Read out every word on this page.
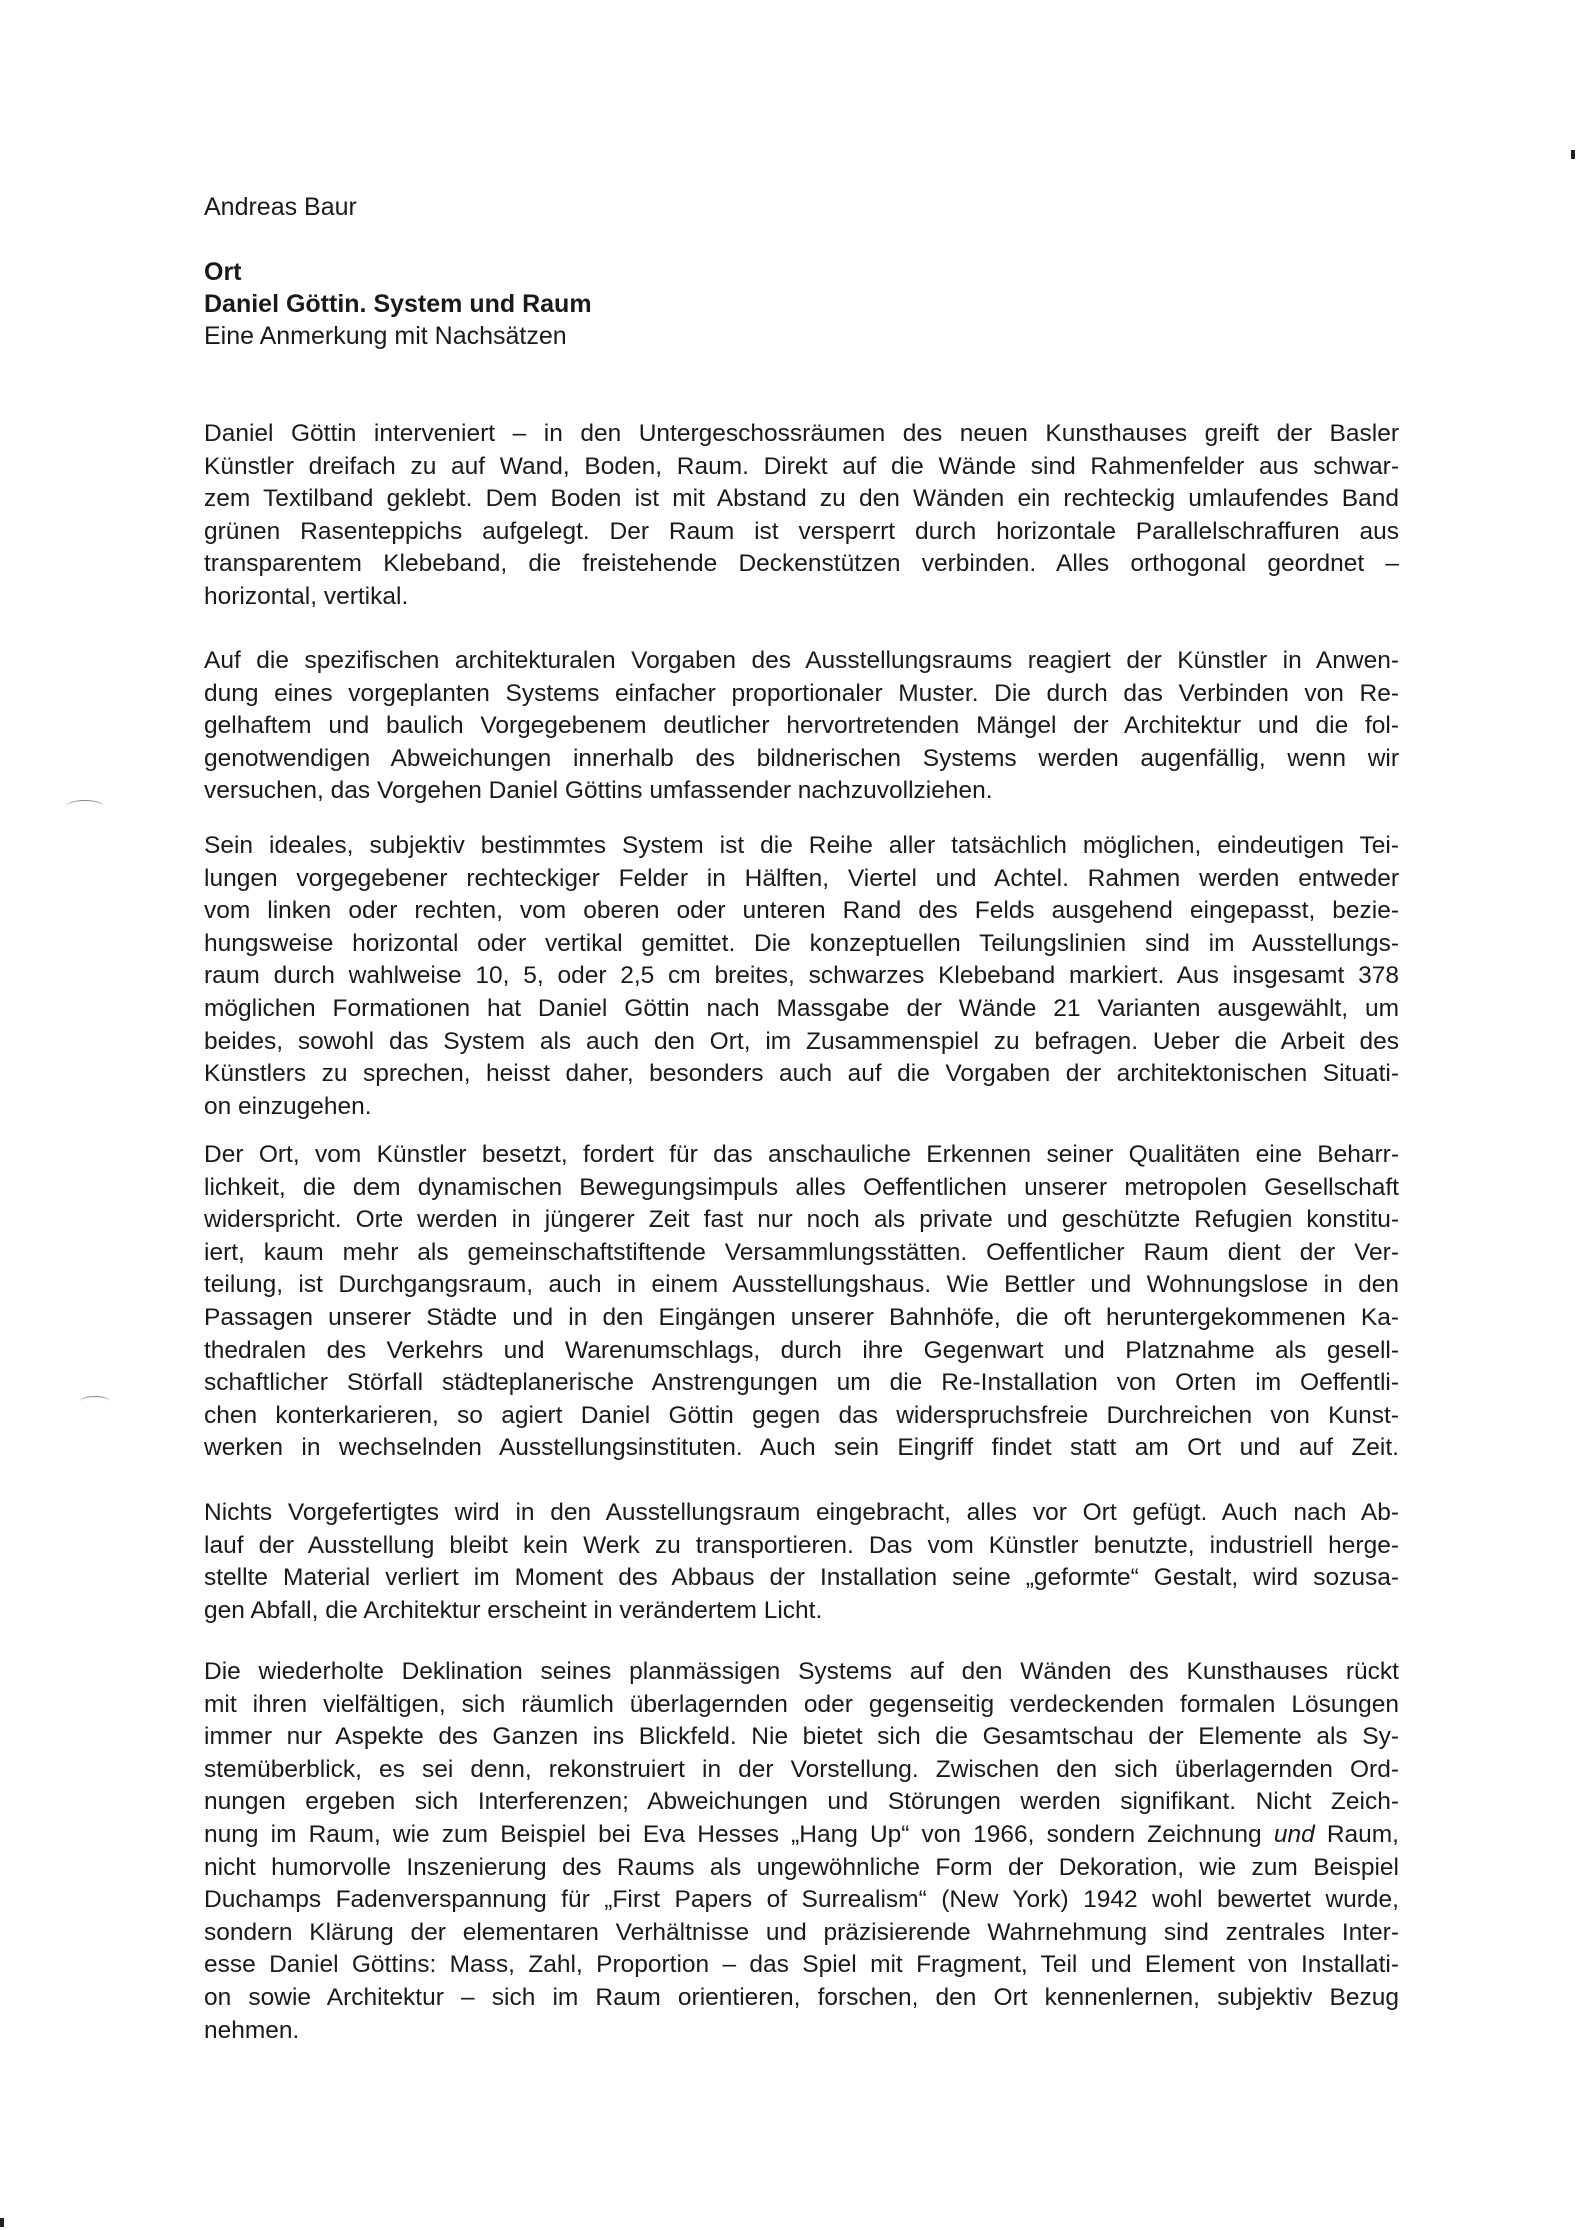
Andreas Baur
Ort
Daniel Göttin. System und Raum
Eine Anmerkung mit Nachsätzen
Daniel Göttin interveniert – in den Untergeschossräumen des neuen Kunsthauses greift der Basler
Künstler dreifach zu auf Wand, Boden, Raum. Direkt auf die Wände sind Rahmenfelder aus schwar-
zem Textilband geklebt. Dem Boden ist mit Abstand zu den Wänden ein rechteckig umlaufendes Band
grünen Rasenteppichs aufgelegt. Der Raum ist versperrt durch horizontale Parallelschraffuren aus
transparentem Klebeband, die freistehende Deckenstützen verbinden. Alles orthogonal geordnet –
horizontal, vertikal.
Auf die spezifischen architekturalen Vorgaben des Ausstellungsraums reagiert der Künstler in Anwen-
dung eines vorgeplanten Systems einfacher proportionaler Muster. Die durch das Verbinden von Re-
gelhaftem und baulich Vorgegebenem deutlicher hervortretenden Mängel der Architektur und die fol-
genotwendigen Abweichungen innerhalb des bildnerischen Systems werden augenfällig, wenn wir
versuchen, das Vorgehen Daniel Göttins umfassender nachzuvollziehen.
Sein ideales, subjektiv bestimmtes System ist die Reihe aller tatsächlich möglichen, eindeutigen Tei-
lungen vorgegebener rechteckiger Felder in Hälften, Viertel und Achtel. Rahmen werden entweder
vom linken oder rechten, vom oberen oder unteren Rand des Felds ausgehend eingepasst, bezie-
hungsweise horizontal oder vertikal gemittet. Die konzeptuellen Teilungslinien sind im Ausstellungs-
raum durch wahlweise 10, 5, oder 2,5 cm breites, schwarzes Klebeband markiert. Aus insgesamt 378
möglichen Formationen hat Daniel Göttin nach Massgabe der Wände 21 Varianten ausgewählt, um
beides, sowohl das System als auch den Ort, im Zusammenspiel zu befragen. Ueber die Arbeit des
Künstlers zu sprechen, heisst daher, besonders auch auf die Vorgaben der architektonischen Situati-
on einzugehen.
Der Ort, vom Künstler besetzt, fordert für das anschauliche Erkennen seiner Qualitäten eine Beharr-
lichkeit, die dem dynamischen Bewegungsimpuls alles Oeffentlichen unserer metropolen Gesellschaft
widerspricht. Orte werden in jüngerer Zeit fast nur noch als private und geschützte Refugien konstitu-
iert, kaum mehr als gemeinschaftstiftende Versammlungsstätten. Oeffentlicher Raum dient der Ver-
teilung, ist Durchgangsraum, auch in einem Ausstellungshaus. Wie Bettler und Wohnungslose in den
Passagen unserer Städte und in den Eingängen unserer Bahnhöfe, die oft heruntergekommenen Ka-
thedralen des Verkehrs und Warenumschlags, durch ihre Gegenwart und Platznahme als gesell-
schaftlicher Störfall städteplanerische Anstrengungen um die Re-Installation von Orten im Oeffentli-
chen konterkarieren, so agiert Daniel Göttin gegen das widerspruchsfreie Durchreichen von Kunst-
werken in wechselnden Ausstellungsinstituten. Auch sein Eingriff findet statt am Ort und auf Zeit.
Nichts Vorgefertigtes wird in den Ausstellungsraum eingebracht, alles vor Ort gefügt. Auch nach Ab-
lauf der Ausstellung bleibt kein Werk zu transportieren. Das vom Künstler benutzte, industriell herge-
stellte Material verliert im Moment des Abbaus der Installation seine „geformte“ Gestalt, wird sozusa-
gen Abfall, die Architektur erscheint in verändertem Licht.
Die wiederholte Deklination seines planmässigen Systems auf den Wänden des Kunsthauses rückt
mit ihren vielfältigen, sich räumlich überlagernden oder gegenseitig verdeckenden formalen Lösungen
immer nur Aspekte des Ganzen ins Blickfeld. Nie bietet sich die Gesamtschau der Elemente als Sy-
stemüberblick, es sei denn, rekonstruiert in der Vorstellung. Zwischen den sich überlagernden Ord-
nungen ergeben sich Interferenzen; Abweichungen und Störungen werden signifikant. Nicht Zeich-
nung im Raum, wie zum Beispiel bei Eva Hesses „Hang Up“ von 1966, sondern Zeichnung und Raum,
nicht humorvolle Inszenierung des Raums als ungewöhnliche Form der Dekoration, wie zum Beispiel
Duchamps Fadenverspannung für „First Papers of Surrealism“ (New York) 1942 wohl bewertet wurde,
sondern Klärung der elementaren Verhältnisse und präzisierende Wahrnehmung sind zentrales Inter-
esse Daniel Göttins: Mass, Zahl, Proportion – das Spiel mit Fragment, Teil und Element von Installati-
on sowie Architektur – sich im Raum orientieren, forschen, den Ort kennenlernen, subjektiv Bezug
nehmen.
